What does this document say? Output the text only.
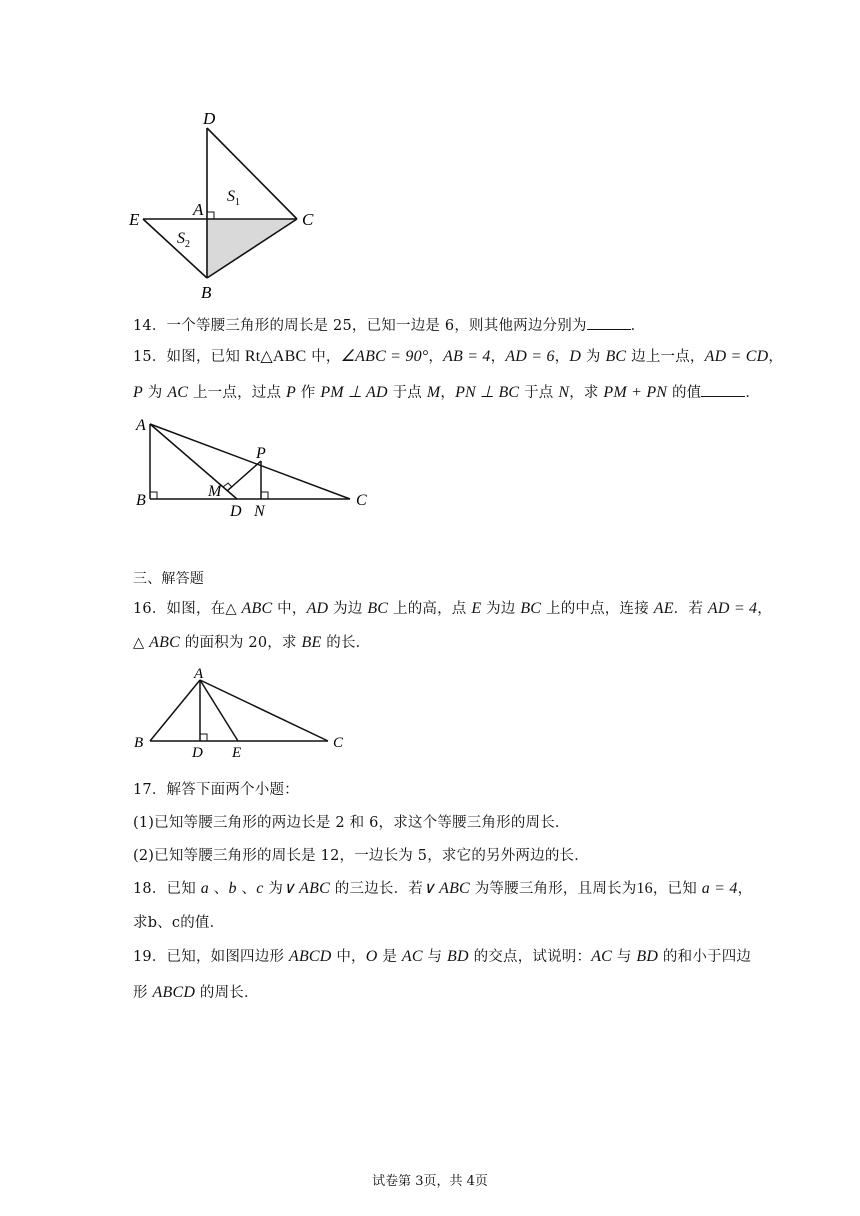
D
A
$S_1$
E	C
$S_2$
B
14．一个等腰三角形的周长是 25，已知一边是 6，则其他两边分别为	．
15．如图，已知 Rt△ABC 中，∠ABC = 90°，AB = 4，AD = 6，D 为 BC 边上一点，AD = CD，
P 为 AC 上一点，过点 P 作 PM ⊥ AD 于点 M，PN ⊥ BC 于点 N，求 PM + PN 的值	．
A
P
B
M
D N
C
三、解答题
16．如图，在△ ABC 中，AD 为边 BC 上的高，点 E 为边 BC 上的中点，连接 AE．若 AD = 4，
△ ABC 的面积为 20，求 BE 的长．
A
B
D E
C
17．解答下面两个小题：
(1)已知等腰三角形的两边长是 2 和 6，求这个等腰三角形的周长．
(2)已知等腰三角形的周长是 12，一边长为 5，求它的另外两边的长．
18．已知 a 、b 、c 为∨ ABC 的三边长．若∨ ABC 为等腰三角形，且周长为16，已知 a = 4，
求b、c的值．
19．已知，如图四边形 ABCD 中，O 是 AC 与 BD 的交点，试说明：AC 与 BD 的和小于四边
形 ABCD 的周长．
试卷第 3页，共 4页
